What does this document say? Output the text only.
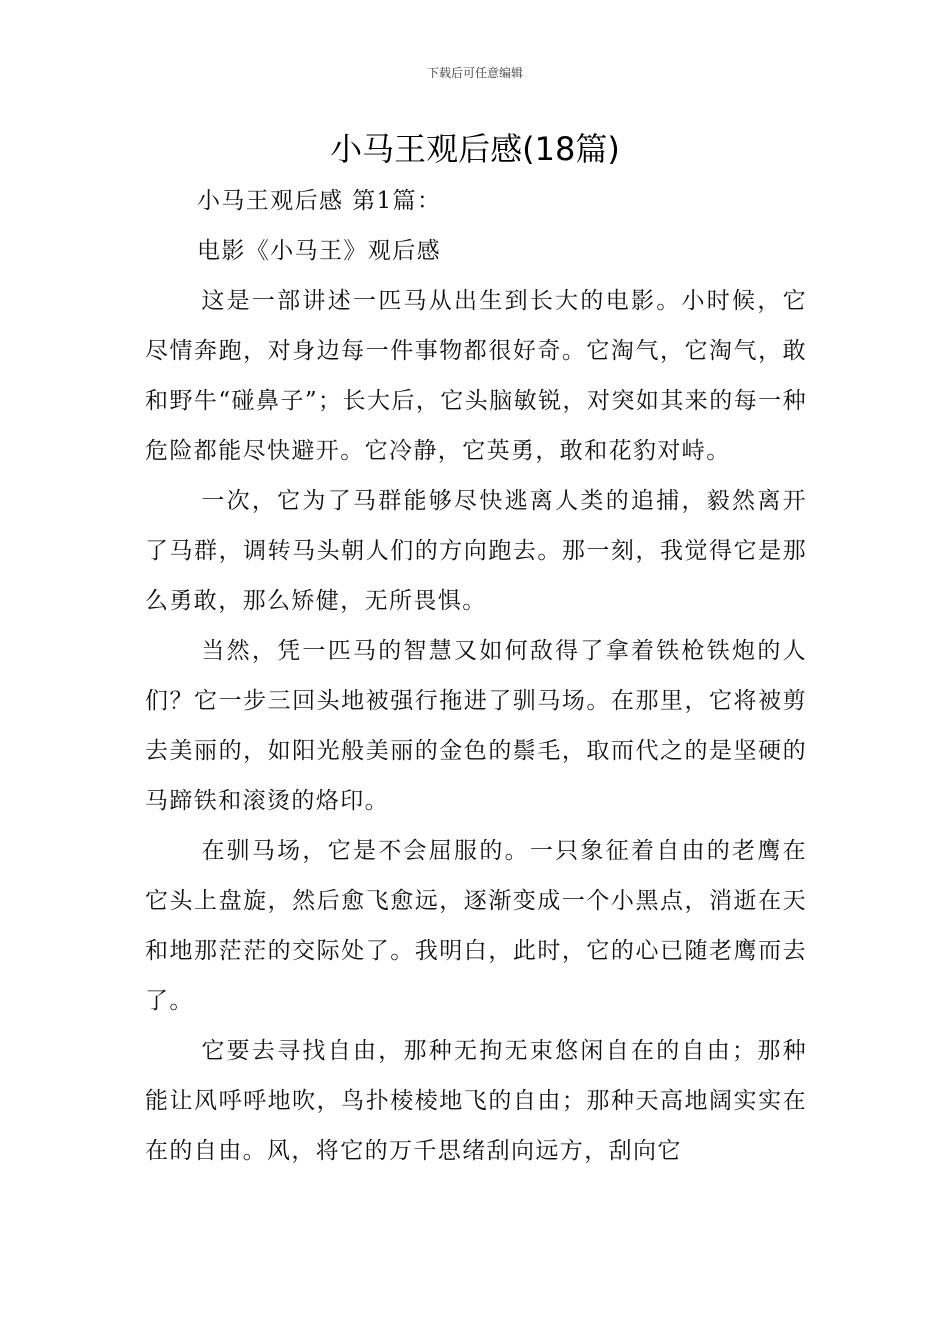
下载后可任意编辑
小马王观后感(18篇)

小马王观后感 第1篇：

电影《小马王》观后感

这是一部讲述一匹马从出生到长大的电影。小时候，它尽情奔跑，对身边每一件事物都很好奇。它淘气，它淘气，敢和野牛“碰鼻子”；长大后，它头脑敏锐，对突如其来的每一种危险都能尽快避开。它冷静，它英勇，敢和花豹对峙。

一次，它为了马群能够尽快逃离人类的追捕，毅然离开了马群，调转马头朝人们的方向跑去。那一刻，我觉得它是那么勇敢，那么矫健，无所畏惧。

当然，凭一匹马的智慧又如何敌得了拿着铁枪铁炮的人们？它一步三回头地被强行拖进了驯马场。在那里，它将被剪去美丽的，如阳光般美丽的金色的鬃毛，取而代之的是坚硬的马蹄铁和滚烫的烙印。

在驯马场，它是不会屈服的。一只象征着自由的老鹰在它头上盘旋，然后愈飞愈远，逐渐变成一个小黑点，消逝在天和地那茫茫的交际处了。我明白，此时，它的心已随老鹰而去了。

它要去寻找自由，那种无拘无束悠闲自在的自由；那种能让风呼呼地吹，鸟扑棱棱地飞的自由；那种天高地阔实实在在的自由。风，将它的万千思绪刮向远方，刮向它
